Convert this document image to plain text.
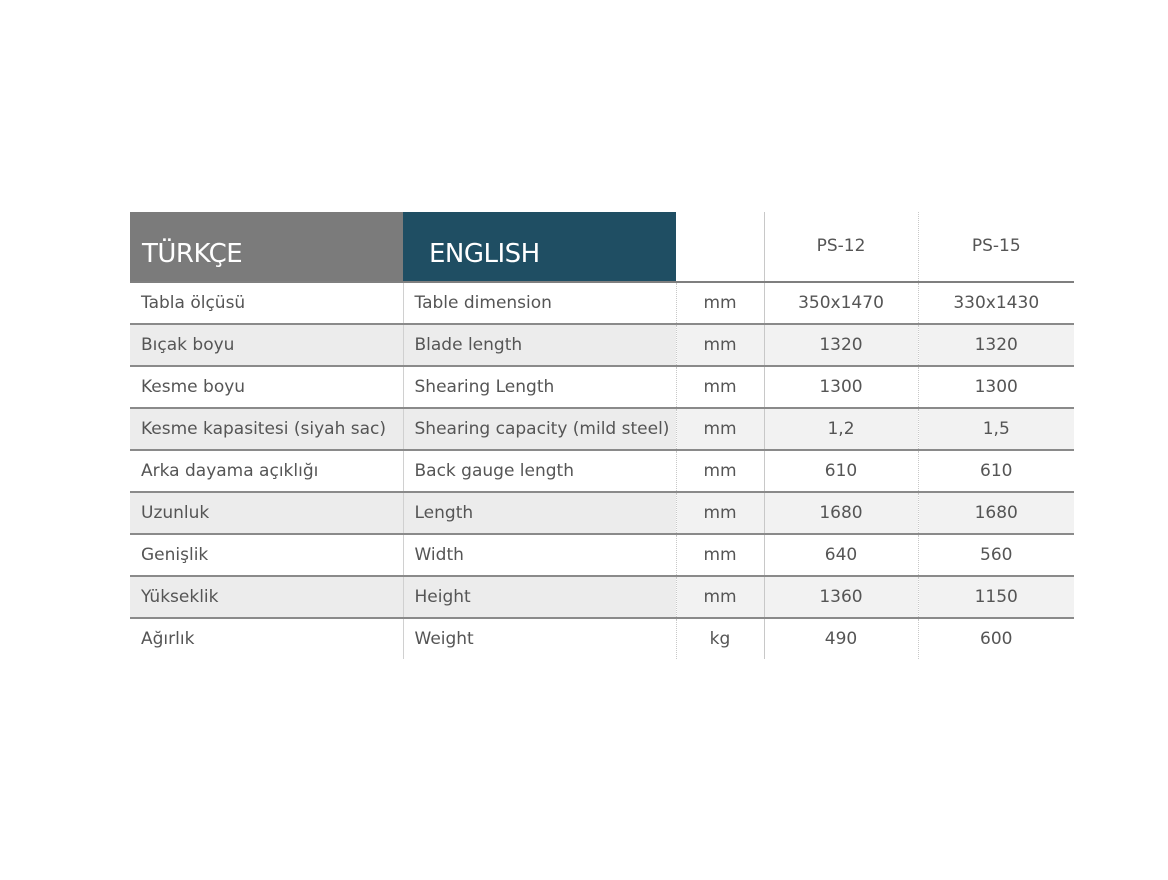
TÜRKÇE	ENGLISH		PS-12	PS-15
Tabla ölçüsü	Table dimension	mm	350x1470	330x1430
Bıçak boyu	Blade length	mm	1320	1320
Kesme boyu	Shearing Length	mm	1300	1300
Kesme kapasitesi (siyah sac)	Shearing capacity (mild steel)	mm	1,2	1,5
Arka dayama açıklığı	Back gauge length	mm	610	610
Uzunluk	Length	mm	1680	1680
Genişlik	Width	mm	640	560
Yükseklik	Height	mm	1360	1150
Ağırlık	Weight	kg	490	600
